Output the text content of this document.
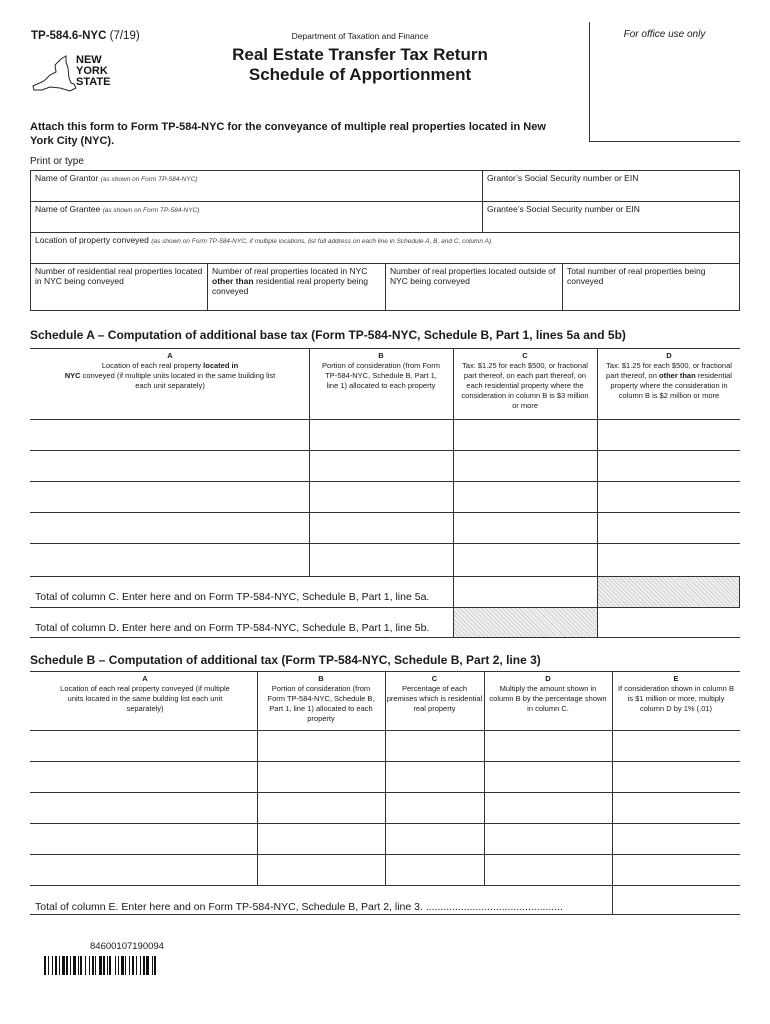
TP-584.6-NYC (7/19)
NEW
YORK
STATE
Department of Taxation and Finance
Real Estate Transfer Tax Return
Schedule of Apportionment
For office use only
Attach this form to Form TP-584-NYC for the conveyance of multiple real properties located in New York City (NYC).
Print or type
Name of Grantor (as shown on Form TP-584-NYC)	Grantor’s Social Security number or EIN
Name of Grantee (as shown on Form TP-584-NYC)	Grantee’s Social Security number or EIN
Location of property conveyed (as shown on Form TP-584-NYC, if multiple locations, list full address on each line in Schedule A, B, and C, column A)
Number of residential real properties located in NYC being conveyed
Number of real properties located in NYC other than residential real property being conveyed
Number of real properties located outside of NYC being conveyed
Total number of real properties being conveyed
Schedule A – Computation of additional base tax (Form TP-584-NYC, Schedule B, Part 1, lines 5a and 5b)
A
Location of each real property located in
NYC conveyed (if multiple units located in the same building list each unit separately)
B
Portion of consideration (from Form TP-584-NYC, Schedule B, Part 1, line 1) allocated to each property
C
Tax: $1.25 for each $500, or fractional part thereof, on each part thereof, on each residential property where the consideration in column B is $3 million or more
D
Tax: $1.25 for each $500, or fractional part thereof, on other than residential property where the consideration in column B is $2 million or more
Total of column C. Enter here and on Form TP-584-NYC, Schedule B, Part 1, line 5a.
Total of column D. Enter here and on Form TP-584-NYC, Schedule B, Part 1, line 5b.
Schedule B – Computation of additional tax (Form TP-584-NYC, Schedule B, Part 2, line 3)
A
Location of each real property conveyed (if multiple units located in the same building list each unit separately)
B
Portion of consideration (from Form TP-584-NYC, Schedule B, Part 1, line 1) allocated to each property
C
Percentage of each premises which is residential real property
D
Multiply the amount shown in column B by the percentage shown in column C.
E
If consideration shown in column B is $1 million or more, multiply column D by 1% (.01)
Total of column E. Enter here and on Form TP-584-NYC, Schedule B, Part 2, line 3. ...............................................
84600107190094
